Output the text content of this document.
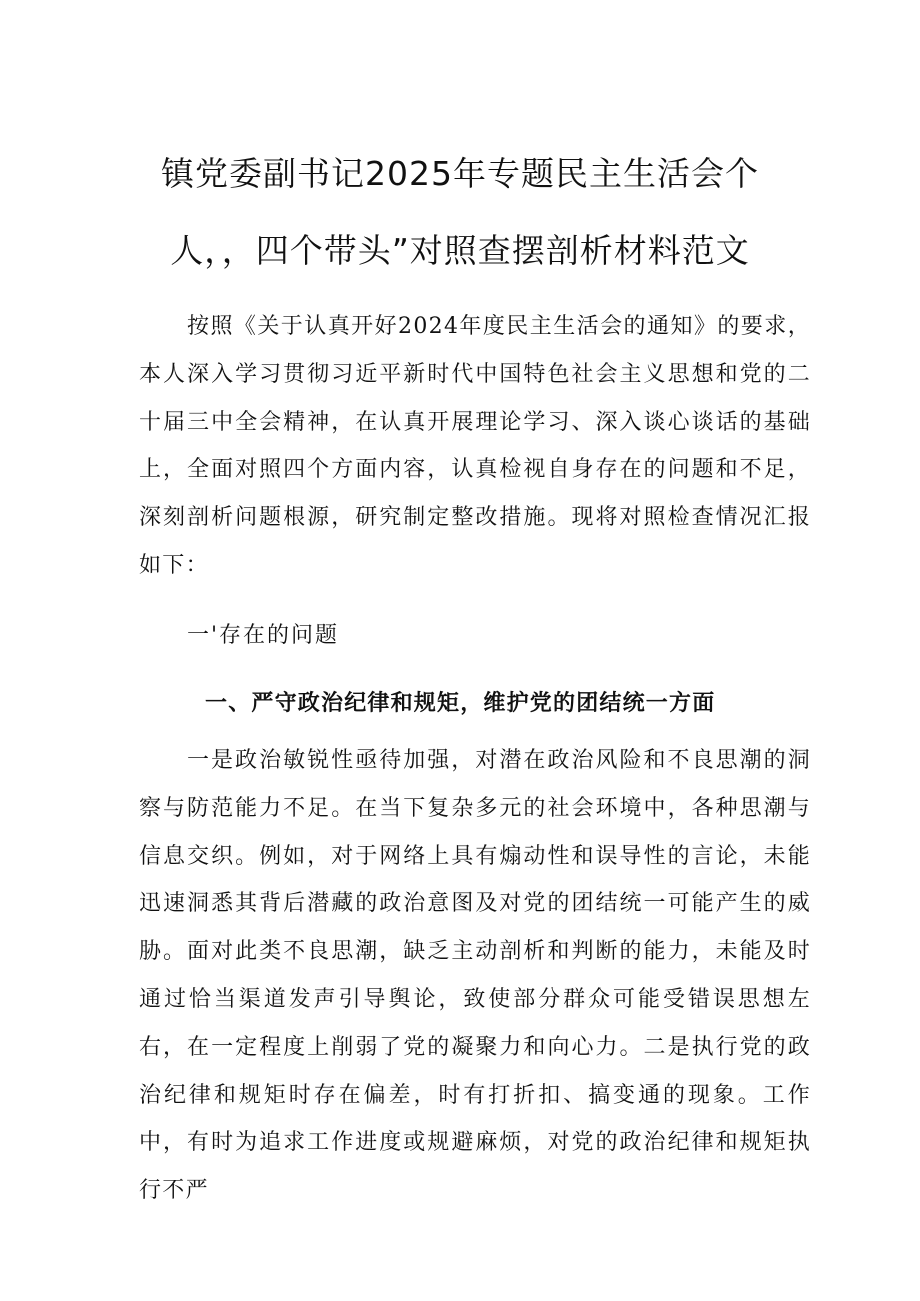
镇党委副书记2025年专题民主生活会个
人，，四个带头”对照查摆剖析材料范文
按照《关于认真开好2024年度民主生活会的通知》的要求，本人深入学习贯彻习近平新时代中国特色社会主义思想和党的二十届三中全会精神，在认真开展理论学习、深入谈心谈话的基础上，全面对照四个方面内容，认真检视自身存在的问题和不足，深刻剖析问题根源，研究制定整改措施。现将对照检查情况汇报如下：
一'存在的问题
一、严守政治纪律和规矩，维护党的团结统一方面
一是政治敏锐性亟待加强，对潜在政治风险和不良思潮的洞察与防范能力不足。在当下复杂多元的社会环境中，各种思潮与信息交织。例如，对于网络上具有煽动性和误导性的言论，未能迅速洞悉其背后潜藏的政治意图及对党的团结统一可能产生的威胁。面对此类不良思潮，缺乏主动剖析和判断的能力，未能及时通过恰当渠道发声引导舆论，致使部分群众可能受错误思想左右，在一定程度上削弱了党的凝聚力和向心力。二是执行党的政治纪律和规矩时存在偏差，时有打折扣、搞变通的现象。工作中，有时为追求工作进度或规避麻烦，对党的政治纪律和规矩执行不严
